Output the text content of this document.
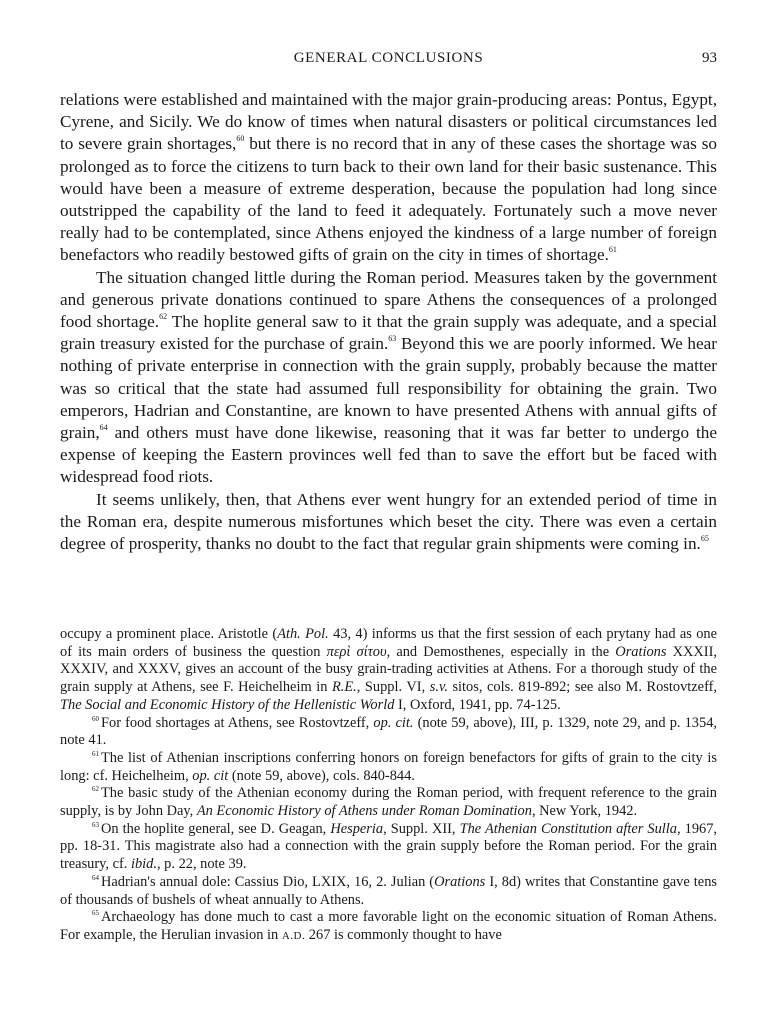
GENERAL CONCLUSIONS	93

relations were established and maintained with the major grain-producing areas: Pontus, Egypt, Cyrene, and Sicily. We do know of times when natural disasters or political circumstances led to severe grain shortages,$^{60}$ but there is no record that in any of these cases the shortage was so prolonged as to force the citizens to turn back to their own land for their basic sustenance. This would have been a measure of extreme desperation, because the population had long since outstripped the capability of the land to feed it adequately. Fortunately such a move never really had to be contemplated, since Athens enjoyed the kindness of a large number of foreign benefactors who readily bestowed gifts of grain on the city in times of shortage.$^{61}$

The situation changed little during the Roman period. Measures taken by the government and generous private donations continued to spare Athens the consequences of a prolonged food shortage.$^{62}$ The hoplite general saw to it that the grain supply was adequate, and a special grain treasury existed for the purchase of grain.$^{63}$ Beyond this we are poorly informed. We hear nothing of private enterprise in connection with the grain supply, probably because the matter was so critical that the state had assumed full responsibility for obtaining the grain. Two emperors, Hadrian and Constantine, are known to have presented Athens with annual gifts of grain,$^{64}$ and others must have done likewise, reasoning that it was far better to undergo the expense of keeping the Eastern provinces well fed than to save the effort but be faced with widespread food riots.

It seems unlikely, then, that Athens ever went hungry for an extended period of time in the Roman era, despite numerous misfortunes which beset the city. There was even a certain degree of prosperity, thanks no doubt to the fact that regular grain shipments were coming in.$^{65}$

occupy a prominent place. Aristotle (Ath. Pol. 43, 4) informs us that the first session of each prytany had as one of its main orders of business the question περὶ σίτου, and Demosthenes, especially in the Orations XXXII, XXXIV, and XXXV, gives an account of the busy grain-trading activities at Athens. For a thorough study of the grain supply at Athens, see F. Heichelheim in R.E., Suppl. VI, s.v. sitos, cols. 819-892; see also M. Rostovtzeff, The Social and Economic History of the Hellenistic World I, Oxford, 1941, pp. 74-125.

$^{60}$ For food shortages at Athens, see Rostovtzeff, op. cit. (note 59, above), III, p. 1329, note 29, and p. 1354, note 41.

$^{61}$ The list of Athenian inscriptions conferring honors on foreign benefactors for gifts of grain to the city is long: cf. Heichelheim, op. cit (note 59, above), cols. 840-844.

$^{62}$ The basic study of the Athenian economy during the Roman period, with frequent reference to the grain supply, is by John Day, An Economic History of Athens under Roman Domination, New York, 1942.

$^{63}$ On the hoplite general, see D. Geagan, Hesperia, Suppl. XII, The Athenian Constitution after Sulla, 1967, pp. 18-31. This magistrate also had a connection with the grain supply before the Roman period. For the grain treasury, cf. ibid., p. 22, note 39.

$^{64}$ Hadrian's annual dole: Cassius Dio, LXIX, 16, 2. Julian (Orations I, 8d) writes that Constantine gave tens of thousands of bushels of wheat annually to Athens.

$^{65}$ Archaeology has done much to cast a more favorable light on the economic situation of Roman Athens. For example, the Herulian invasion in A.D. 267 is commonly thought to have
